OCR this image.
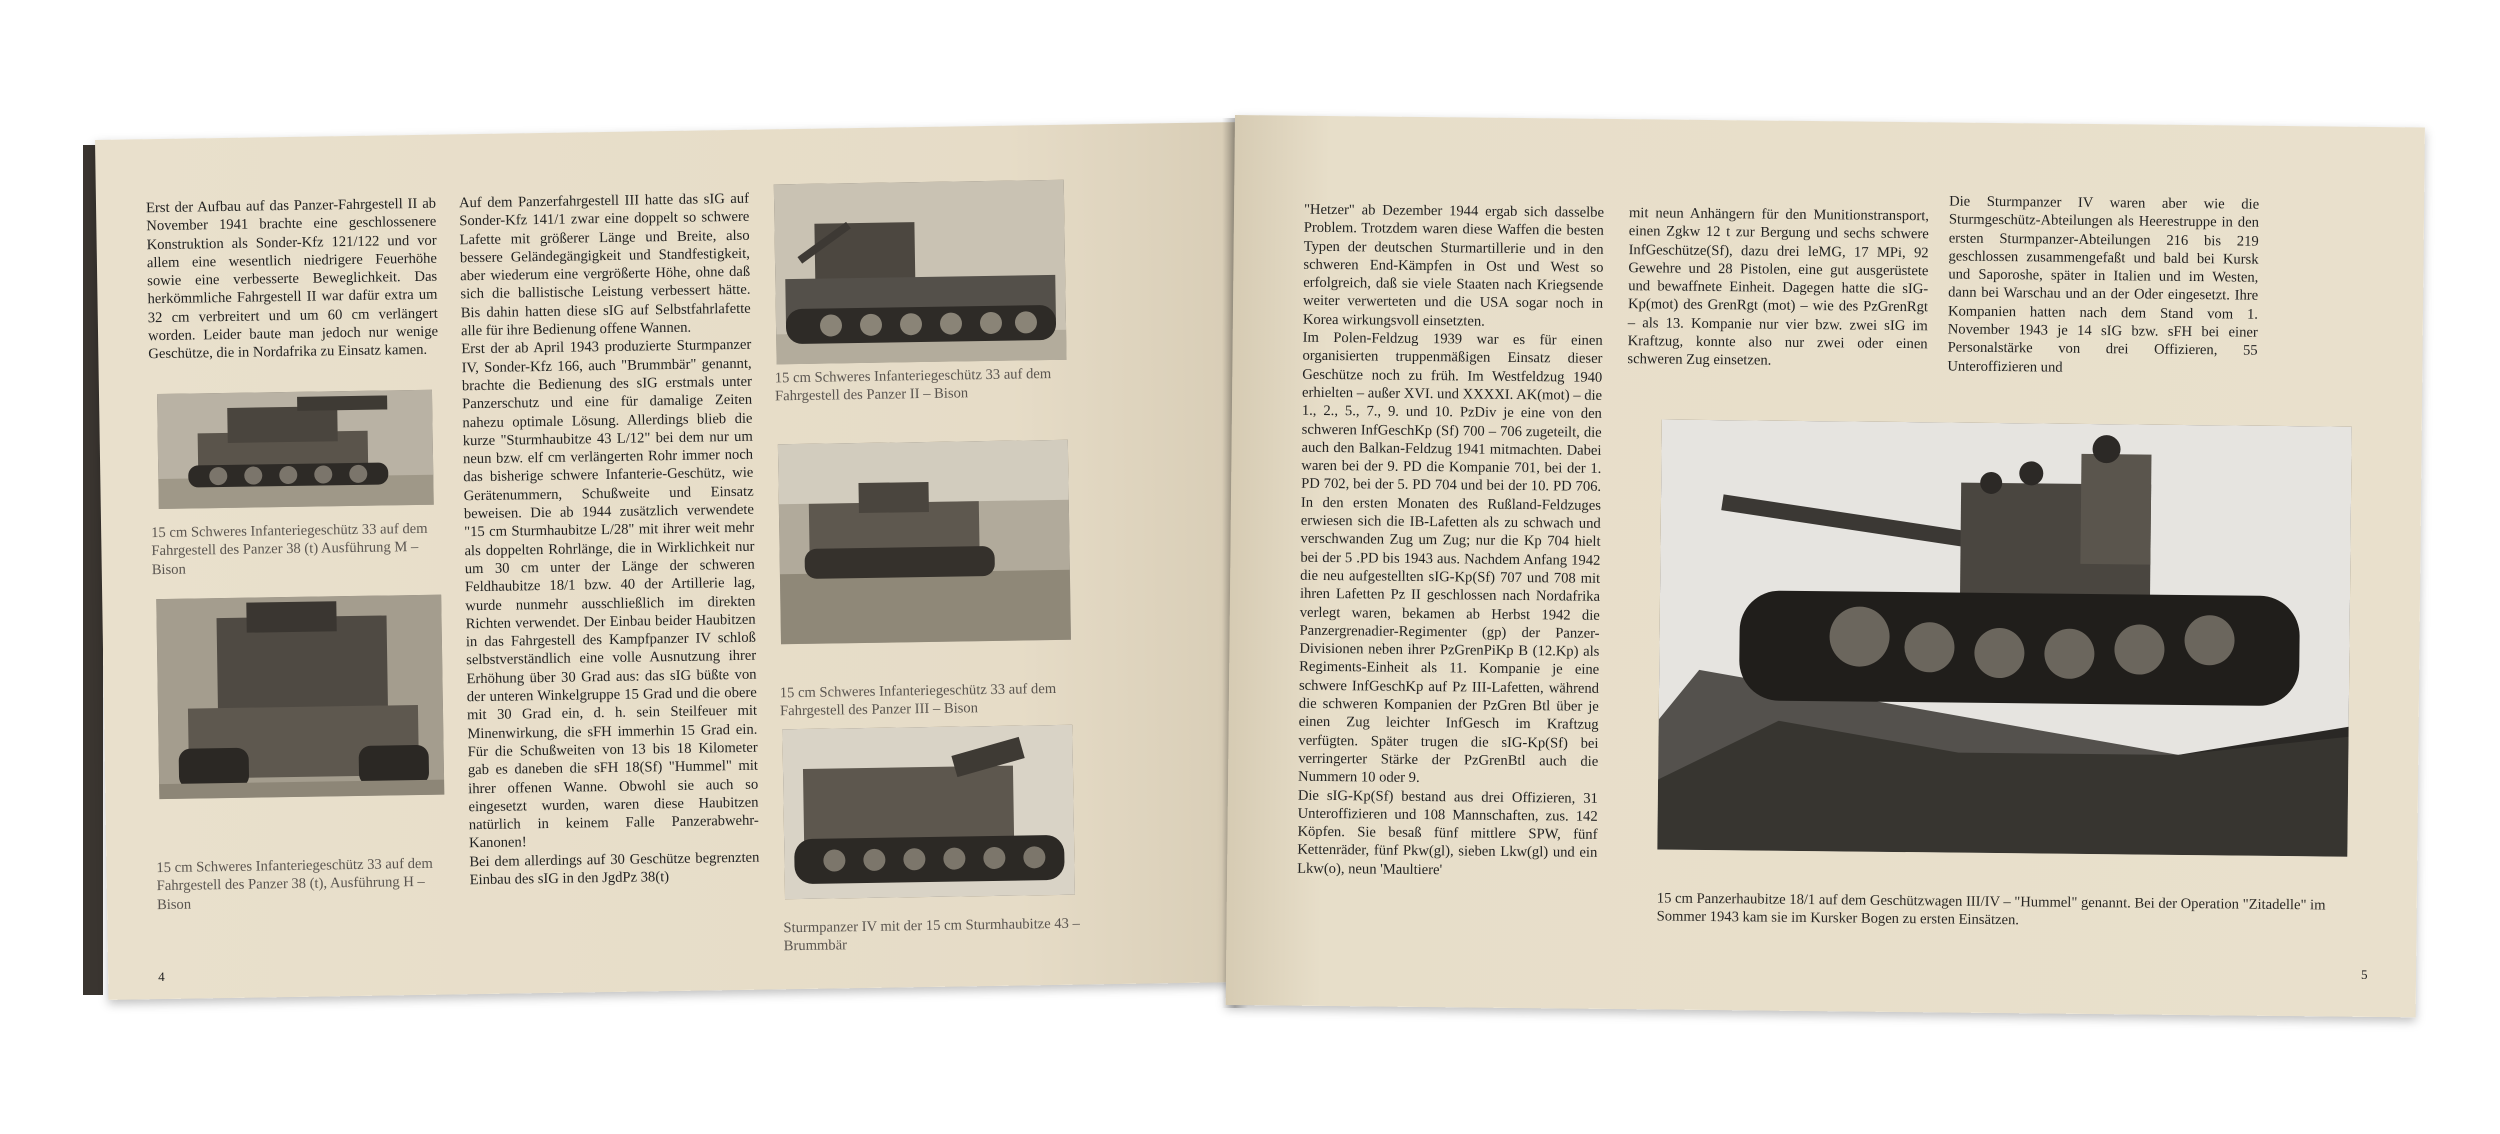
Erst der Aufbau auf das Panzer-Fahrgestell II ab November 1941 brachte eine geschlossenere Konstruktion als Sonder-Kfz 121/122 und vor allem eine wesentlich niedrigere Feuerhöhe sowie eine verbesserte Beweglichkeit. Das herkömmliche Fahrgestell II war dafür extra um 32 cm verbreitert und um 60 cm verlängert worden. Leider baute man jedoch nur wenige Geschütze, die in Nordafrika zu Einsatz kamen.

15 cm Schweres Infanteriegeschütz 33 auf dem Fahrgestell des Panzer 38 (t) Ausführung M – Bison
15 cm Schweres Infanteriegeschütz 33 auf dem Fahrgestell des Panzer 38 (t), Ausführung H – Bison

Auf dem Panzerfahrgestell III hatte das sIG auf Sonder-Kfz 141/1 zwar eine doppelt so schwere Lafette mit größerer Länge und Breite, also bessere Geländegängigkeit und Standfestigkeit, aber wiederum eine vergrößerte Höhe, ohne daß sich die ballistische Leistung verbessert hätte. Bis dahin hatten diese sIG auf Selbstfahrlafette alle für ihre Bedienung offene Wannen.

Erst der ab April 1943 produzierte Sturmpanzer IV, Sonder-Kfz 166, auch "Brummbär" genannt, brachte die Bedienung des sIG erstmals unter Panzerschutz und eine für damalige Zeiten nahezu optimale Lösung. Allerdings blieb die kurze "Sturmhaubitze 43 L/12" bei dem nur um neun bzw. elf cm verlängerten Rohr immer noch das bisherige schwere Infanterie-Geschütz, wie Gerätenummern, Schußweite und Einsatz beweisen. Die ab 1944 zusätzlich verwendete "15 cm Sturmhaubitze L/28" mit ihrer weit mehr als doppelten Rohrlänge, die in Wirklichkeit nur um 30 cm unter der Länge der schweren Feldhaubitze 18/1 bzw. 40 der Artillerie lag, wurde nunmehr ausschließlich im direkten Richten verwendet. Der Einbau beider Haubitzen in das Fahrgestell des Kampfpanzer IV schloß selbstverständlich eine volle Ausnutzung ihrer Erhöhung über 30 Grad aus: das sIG büßte von der unteren Winkelgruppe 15 Grad und die obere mit 30 Grad ein, d. h. sein Steilfeuer mit Minenwirkung, die sFH immerhin 15 Grad ein. Für die Schußweiten von 13 bis 18 Kilometer gab es daneben die sFH 18(Sf) "Hummel" mit ihrer offenen Wanne. Obwohl sie auch so eingesetzt wurden, waren diese Haubitzen natürlich in keinem Falle Panzerabwehr-Kanonen!

Bei dem allerdings auf 30 Geschütze begrenzten Einbau des sIG in den JgdPz 38(t)

15 cm Schweres Infanteriegeschütz 33 auf dem Fahrgestell des Panzer II – Bison
15 cm Schweres Infanteriegeschütz 33 auf dem Fahrgestell des Panzer III – Bison
Sturmpanzer IV mit der 15 cm Sturmhaubitze 43 – Brummbär
4

"Hetzer" ab Dezember 1944 ergab sich dasselbe Problem. Trotzdem waren diese Waffen die besten Typen der deutschen Sturmartillerie und in den schweren End-Kämpfen in Ost und West so erfolgreich, daß sie viele Staaten nach Kriegsende weiter verwerteten und die USA sogar noch in Korea wirkungsvoll einsetzten.

Im Polen-Feldzug 1939 war es für einen organisierten truppenmäßigen Einsatz dieser Geschütze noch zu früh. Im Westfeldzug 1940 erhielten – außer XVI. und XXXXI. AK(mot) – die 1., 2., 5., 7., 9. und 10. PzDiv je eine von den schweren InfGeschKp (Sf) 700 – 706 zugeteilt, die auch den Balkan-Feldzug 1941 mitmachten. Dabei waren bei der 9. PD die Kompanie 701, bei der 1. PD 702, bei der 5. PD 704 und bei der 10. PD 706. In den ersten Monaten des Rußland-Feldzuges erwiesen sich die IB-Lafetten als zu schwach und verschwanden Zug um Zug; nur die Kp 704 hielt bei der 5 .PD bis 1943 aus. Nachdem Anfang 1942 die neu aufgestellten sIG-Kp(Sf) 707 und 708 mit ihren Lafetten Pz II geschlossen nach Nordafrika verlegt waren, bekamen ab Herbst 1942 die Panzergrenadier-Regimenter (gp) der Panzer-Divisionen neben ihrer PzGrenPiKp B (12.Kp) als Regiments-Einheit als 11. Kompanie je eine schwere InfGeschKp auf Pz III-Lafetten, während die schweren Kompanien der PzGren Btl über je einen Zug leichter InfGesch im Kraftzug verfügten. Später trugen die sIG-Kp(Sf) bei verringerter Stärke der PzGrenBtl auch die Nummern 10 oder 9.

Die sIG-Kp(Sf) bestand aus drei Offizieren, 31 Unteroffizieren und 108 Mannschaften, zus. 142 Köpfen. Sie besaß fünf mittlere SPW, fünf Kettenräder, fünf Pkw(gl), sieben Lkw(gl) und ein Lkw(o), neun 'Maultiere'

mit neun Anhängern für den Munitionstransport, einen Zgkw 12 t zur Bergung und sechs schwere InfGeschütze(Sf), dazu drei leMG, 17 MPi, 92 Gewehre und 28 Pistolen, eine gut ausgerüstete und bewaffnete Einheit. Dagegen hatte die sIG-Kp(mot) des GrenRgt (mot) – wie des PzGrenRgt – als 13. Kompanie nur vier bzw. zwei sIG im Kraftzug, konnte also nur zwei oder einen schweren Zug einsetzen.

Die Sturmpanzer IV waren aber wie die Sturmgeschütz-Abteilungen als Heerestruppe in den ersten Sturmpanzer-Abteilungen 216 bis 219 geschlossen zusammengefaßt und bald bei Kursk und Saporoshe, später in Italien und im Westen, dann bei Warschau und an der Oder eingesetzt. Ihre Kompanien hatten nach dem Stand vom 1. November 1943 je 14 sIG bzw. sFH bei einer Personalstärke von drei Offizieren, 55 Unteroffizieren und

15 cm Panzerhaubitze 18/1 auf dem Geschützwagen III/IV – "Hummel" genannt. Bei der Operation "Zitadelle" im Sommer 1943 kam sie im Kursker Bogen zu ersten Einsätzen.
5
